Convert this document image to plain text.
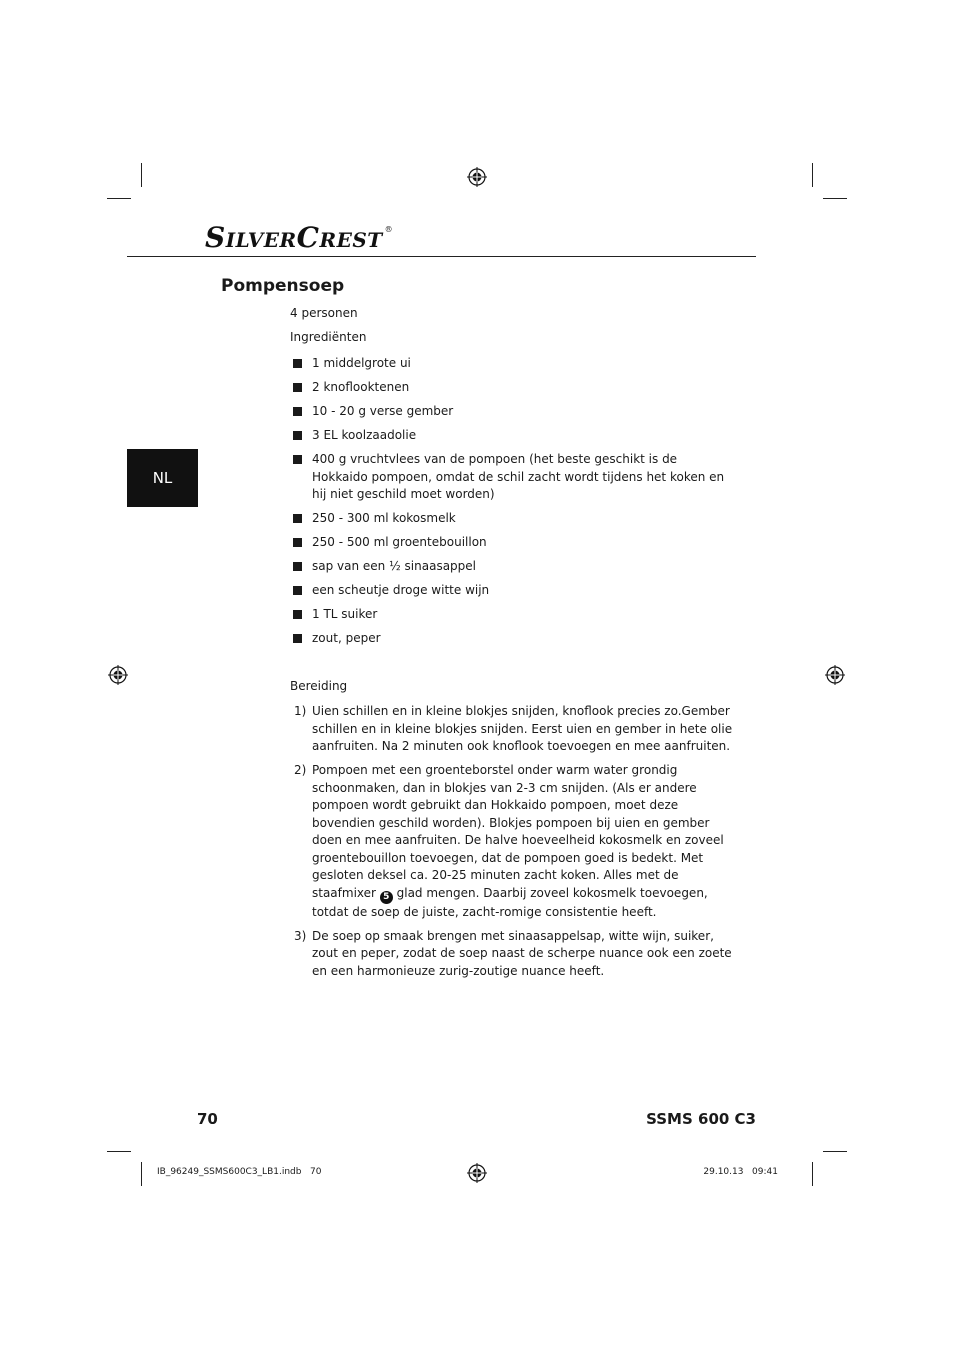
SILVERCREST ®
NL
Pompensoep
4 personen
Ingrediënten
1 middelgrote ui
2 knoflooktenen
10 - 20 g verse gember
3 EL koolzaadolie
400 g vruchtvlees van de pompoen (het beste geschikt is de Hokkaido pompoen, omdat de schil zacht wordt tijdens het koken en hij niet geschild moet worden)
250 - 300 ml kokosmelk
250 - 500 ml groentebouillon
sap van een ½ sinaasappel
een scheutje droge witte wijn
1 TL suiker
zout, peper
Bereiding
1) Uien schillen en in kleine blokjes snijden, knoflook precies zo.Gember schillen en in kleine blokjes snijden. Eerst uien en gember in hete olie aanfruiten. Na 2 minuten ook knoflook toevoegen en mee aanfruiten.
2) Pompoen met een groenteborstel onder warm water grondig schoonmaken, dan in blokjes van 2-3 cm snijden. (Als er andere pompoen wordt gebruikt dan Hokkaido pompoen, moet deze bovendien geschild worden). Blokjes pompoen bij uien en gember doen en mee aanfruiten. De halve hoeveelheid kokosmelk en zoveel groentebouillon toevoegen, dat de pompoen goed is bedekt. Met gesloten deksel ca. 20-25 minuten zacht koken. Alles met de staafmixer 5 glad mengen. Daarbij zoveel kokosmelk toevoegen, totdat de soep de juiste, zacht-romige consistentie heeft.
3) De soep op smaak brengen met sinaasappelsap, witte wijn, suiker, zout en peper, zodat de soep naast de scherpe nuance ook een zoete en een harmonieuze zurig-zoutige nuance heeft.
70	SSMS 600 C3
IB_96249_SSMS600C3_LB1.indb   70	29.10.13   09:41
